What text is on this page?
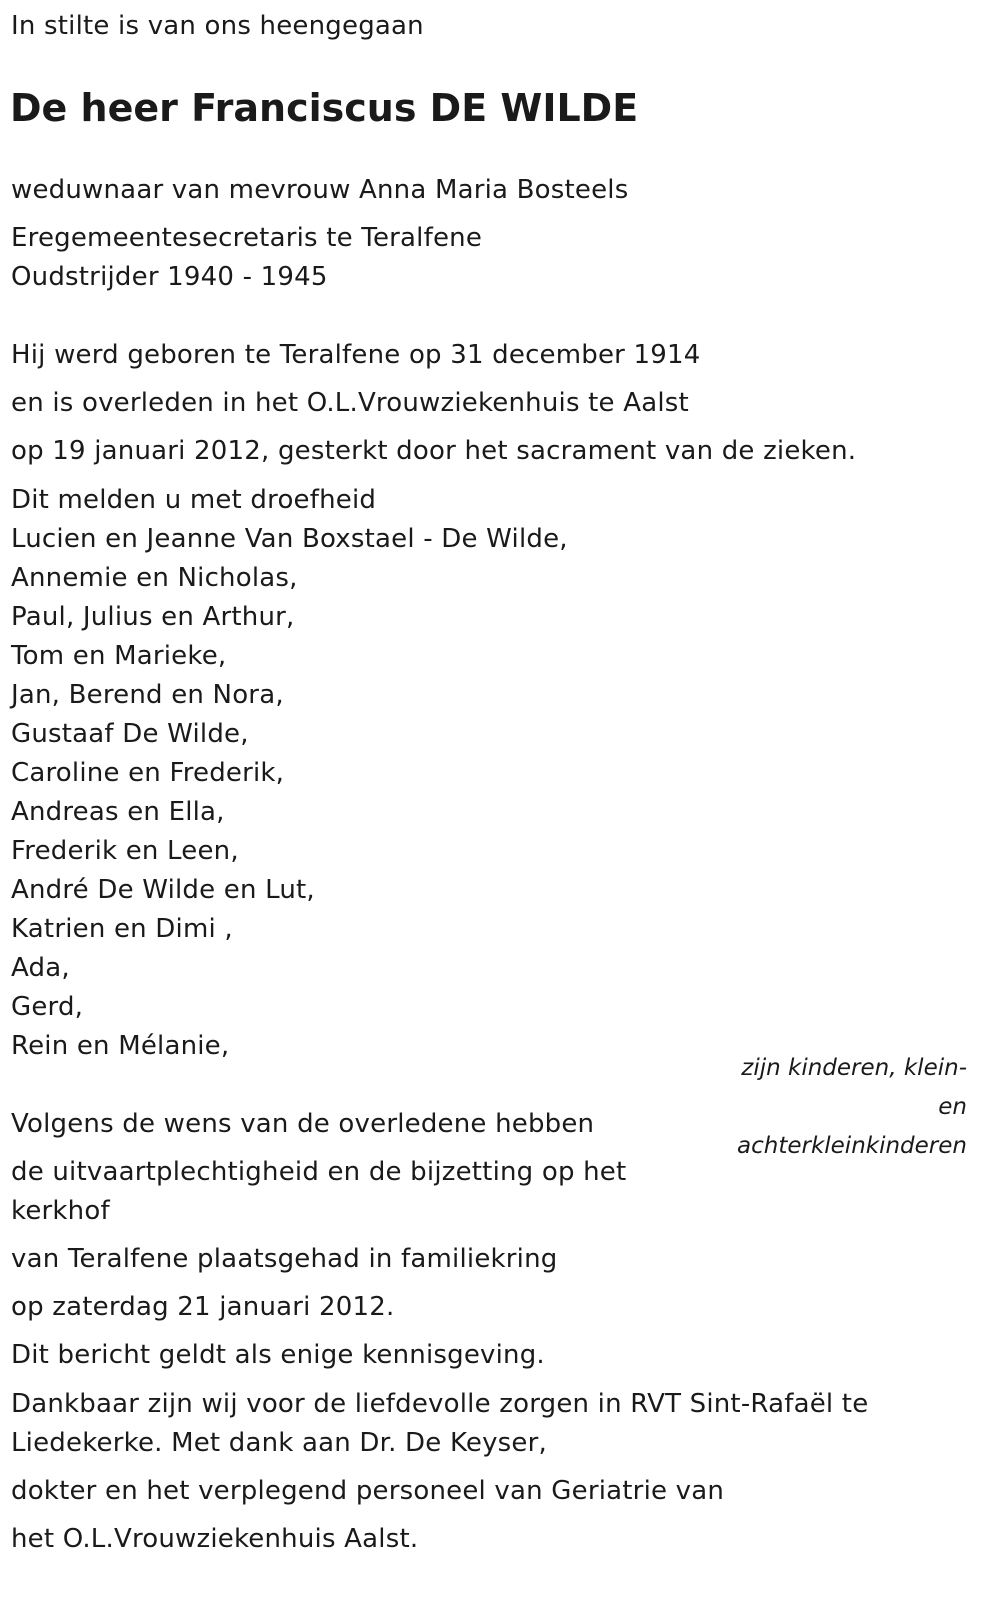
In stilte is van ons heengegaan
De heer Franciscus DE WILDE
weduwnaar van mevrouw Anna Maria Bosteels
Eregemeentesecretaris te Teralfene
Oudstrijder 1940 - 1945
Hij werd geboren te Teralfene op 31 december 1914
en is overleden in het O.L.Vrouwziekenhuis te Aalst
op 19 januari 2012, gesterkt door het sacrament van de zieken.
Dit melden u met droefheid
Lucien en Jeanne Van Boxstael - De Wilde,
Annemie en Nicholas,
Paul, Julius en Arthur,
Tom en Marieke,
Jan, Berend en Nora,
Gustaaf De Wilde,
Caroline en Frederik,
Andreas en Ella,
Frederik en Leen,
André De Wilde en Lut,
Katrien en Dimi ,
Ada,
Gerd,
Rein en Mélanie,
zijn kinderen, klein-
en
achterkleinkinderen
Volgens de wens van de overledene hebben
de uitvaartplechtigheid en de bijzetting op het
kerkhof
van Teralfene plaatsgehad in familiekring
op zaterdag 21 januari 2012.
Dit bericht geldt als enige kennisgeving.
Dankbaar zijn wij voor de liefdevolle zorgen in RVT Sint-Rafaël te
Liedekerke. Met dank aan Dr. De Keyser,
dokter en het verplegend personeel van Geriatrie van
het O.L.Vrouwziekenhuis Aalst.
